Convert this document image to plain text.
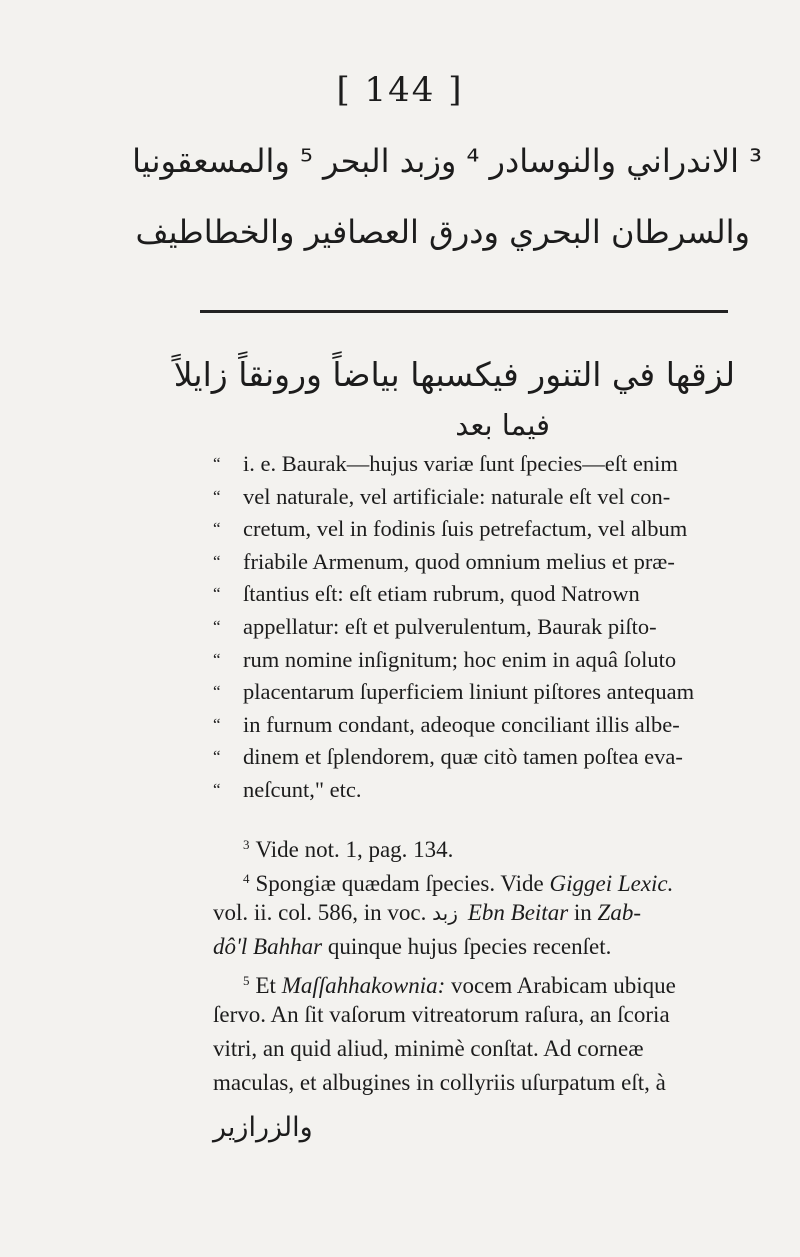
[ 144 ]
³ الاندراني والنوسادر ⁴ وزبد البحر ⁵ والمسعقونيا
والسرطان البحري ودرق العصافير والخطاطيف
لزقها في التنور فيكسبها بياضاً ورونقاً زايلاً
فيما بعد
“ i. e. Baurak—hujus variæ ſunt ſpecies—eſt enim
“ vel naturale, vel artificiale: naturale eſt vel con-
“ cretum, vel in fodinis ſuis petrefactum, vel album
“ friabile Armenum, quod omnium melius et præ-
“ ſtantius eſt: eſt etiam rubrum, quod Natrown
“ appellatur: eſt et pulverulentum, Baurak piſto-
“ rum nomine inſignitum; hoc enim in aquâ ſoluto
“ placentarum ſuperficiem liniunt piſtores antequam
“ in furnum condant, adeoque conciliant illis albe-
“ dinem et ſplendorem, quæ citò tamen poſtea eva-
“ neſcunt," etc.
$^3$ Vide not. 1, pag. 134.
$^4$ Spongiæ quædam ſpecies. Vide Giggei Lexic.
vol. ii. col. 586, in voc. زبد Ebn Beitar in Zab-
dô'l Bahhar quinque hujus ſpecies recenſet.
$^5$ Et Maſſahhakownia: vocem Arabicam ubique
ſervo. An ſit vaſorum vitreatorum raſura, an ſcoria
vitri, an quid aliud, minimè conſtat. Ad corneæ
maculas, et albugines in collyriis uſurpatum eſt, à
والزرازير
